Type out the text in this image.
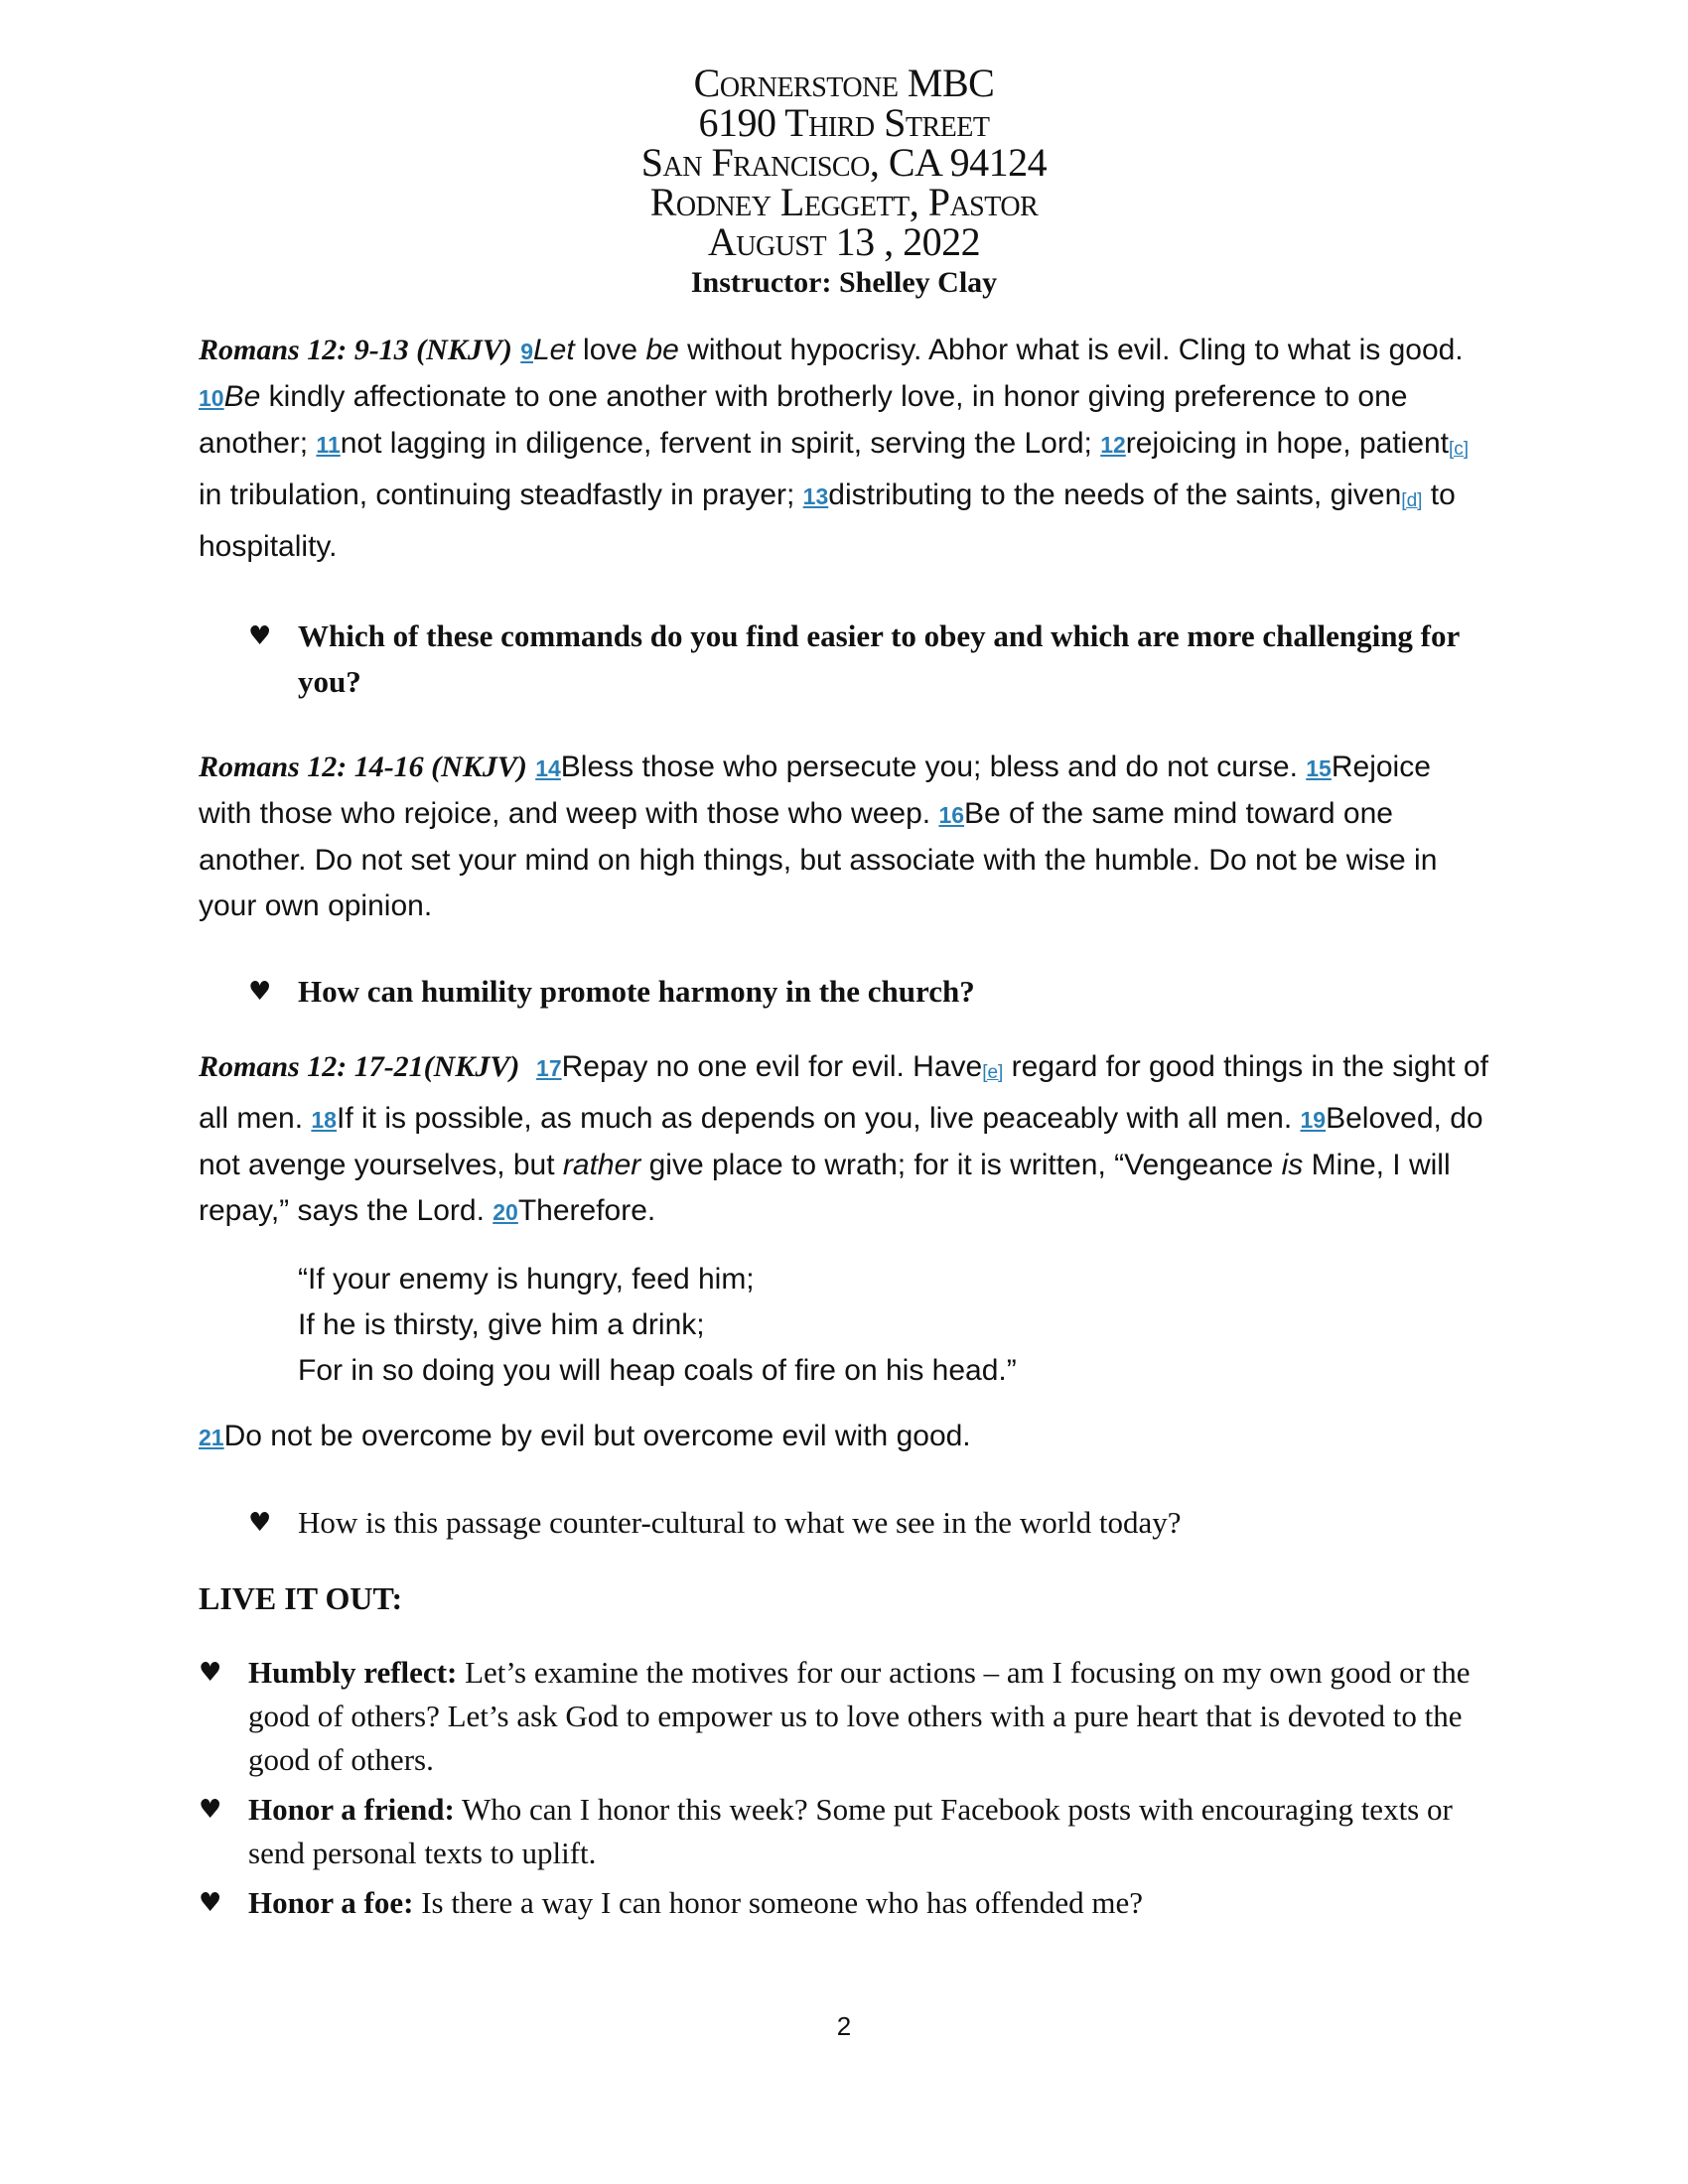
Cornerstone MBC
6190 Third Street
San Francisco, CA 94124
Rodney Leggett, Pastor
August 13 , 2022
Instructor: Shelley Clay

Romans 12: 9-13 (NKJV) 9Let love be without hypocrisy. Abhor what is evil. Cling to what is good. 10Be kindly affectionate to one another with brotherly love, in honor giving preference to one another; 11not lagging in diligence, fervent in spirit, serving the Lord; 12rejoicing in hope, patient[c] in tribulation, continuing steadfastly in prayer; 13distributing to the needs of the saints, given[d] to hospitality.

♥ Which of these commands do you find easier to obey and which are more challenging for you?

Romans 12: 14-16 (NKJV) 14Bless those who persecute you; bless and do not curse. 15Rejoice with those who rejoice, and weep with those who weep. 16Be of the same mind toward one another. Do not set your mind on high things, but associate with the humble. Do not be wise in your own opinion.

♥ How can humility promote harmony in the church?

Romans 12: 17-21(NKJV) 17Repay no one evil for evil. Have[e] regard for good things in the sight of all men. 18If it is possible, as much as depends on you, live peaceably with all men. 19Beloved, do not avenge yourselves, but rather give place to wrath; for it is written, “Vengeance is Mine, I will repay,” says the Lord. 20Therefore.

“If your enemy is hungry, feed him;
If he is thirsty, give him a drink;
For in so doing you will heap coals of fire on his head.”

21Do not be overcome by evil but overcome evil with good.

♥ How is this passage counter-cultural to what we see in the world today?
LIVE IT OUT:
♥ Humbly reflect: Let’s examine the motives for our actions – am I focusing on my own good or the good of others? Let’s ask God to empower us to love others with a pure heart that is devoted to the good of others.
♥ Honor a friend: Who can I honor this week? Some put Facebook posts with encouraging texts or send personal texts to uplift.
♥ Honor a foe: Is there a way I can honor someone who has offended me?
2
